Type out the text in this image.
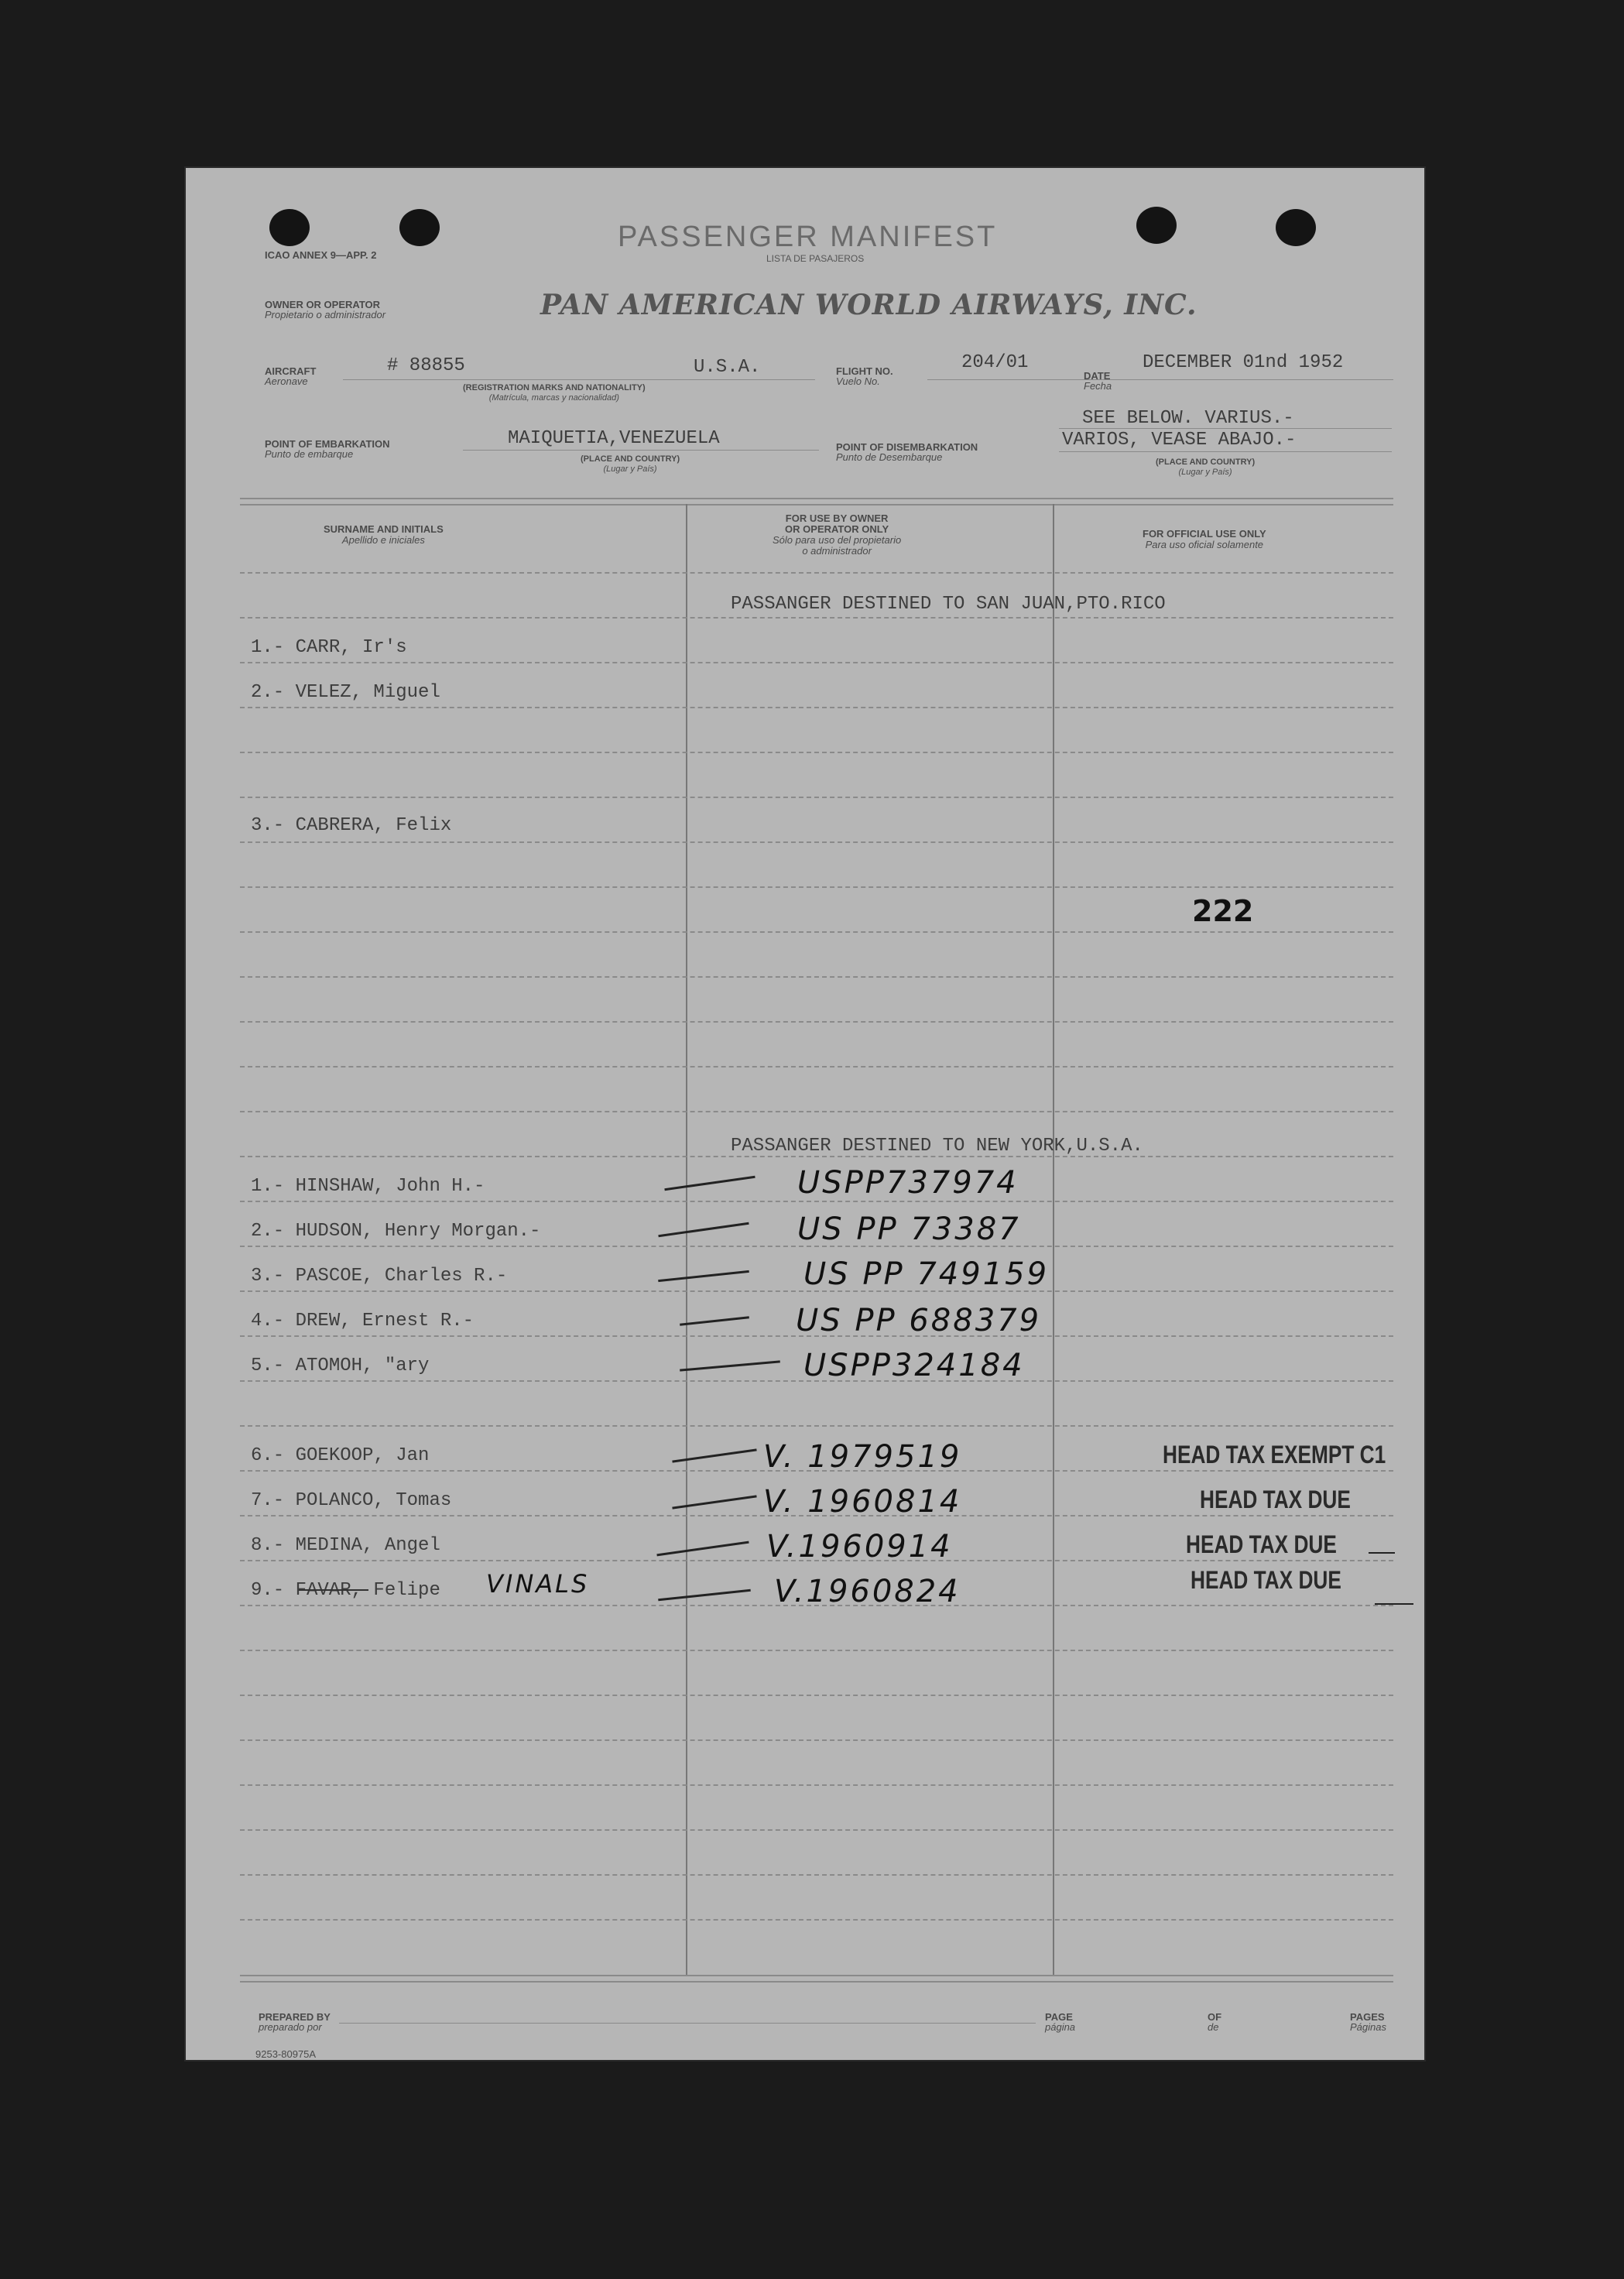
ICAO ANNEX 9—APP. 2
PASSENGER MANIFEST
LISTA DE PASAJEROS
OWNER OR OPERATOR
Propietario o administrador	PAN AMERICAN WORLD AIRWAYS, INC.
AIRCRAFT
Aeronave
# 88855	U.S.A.
(REGISTRATION MARKS AND NATIONALITY)
(Matrícula, marcas y nacionalidad)
FLIGHT NO.
Vuelo No.
204/01
DATE
Fecha
DECEMBER 01nd 1952
POINT OF EMBARKATION
Punto de embarque
MAIQUETIA,VENEZUELA
(PLACE AND COUNTRY)
(Lugar y País)
POINT OF DISEMBARKATION
Punto de Desembarque
SEE BELOW. VARIUS.-
VARIOS, VEASE ABAJO.-
(PLACE AND COUNTRY)
(Lugar y País)
SURNAME AND INITIALS
Apellido e iniciales
FOR USE BY OWNER
OR OPERATOR ONLY
Sólo para uso del propietario
o administrador
FOR OFFICIAL USE ONLY
Para uso oficial solamente
PASSANGER DESTINED TO SAN JUAN,PTO.RICO
PASSANGER DESTINED TO NEW YORK,U.S.A.
1.- CARR, Ir's
2.- VELEZ, Miguel
3.- CABRERA, Felix
222
1.- HINSHAW, John H.-
2.- HUDSON, Henry Morgan.-
3.- PASCOE, Charles R.-
4.- DREW, Ernest R.-
5.- ATOMOH, "ary
6.- GOEKOOP, Jan
7.- POLANCO, Tomas
8.- MEDINA, Angel
9.- FAVAR, Felipe VINALS
USPP737974
US PP 73387
US PP 749159
US PP 688379
USPP324184
V. 1979519
V. 1960814
V.1960914
V.1960824
HEAD TAX EXEMPT C1
HEAD TAX DUE
HEAD TAX DUE
HEAD TAX DUE
PREPARED BY
preparado por
PAGE
página
OF
de
PAGES
Páginas
9253-80975A
